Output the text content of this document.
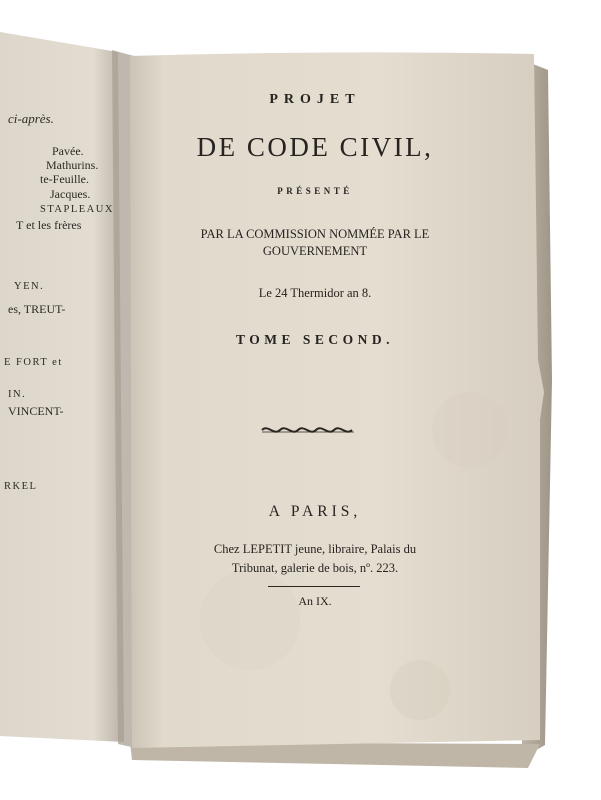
ci-après.
Pavée.
Mathurins.
te-Feuille.
Jacques.
STAPLEAUX
T et les frères
YEN.
es, TREUT-
E FORT et
IN.
VINCENT-
RKEL
PROJET
DE CODE CIVIL,
PRÉSENTÉ
PAR LA COMMISSION NOMMÉE PAR LE
GOUVERNEMENT
Le 24 Thermidor an 8.
TOME SECOND.
A PARIS,
Chez LEPETIT jeune, libraire, Palais du
Tribunat, galerie de bois, nº. 223.
An IX.
